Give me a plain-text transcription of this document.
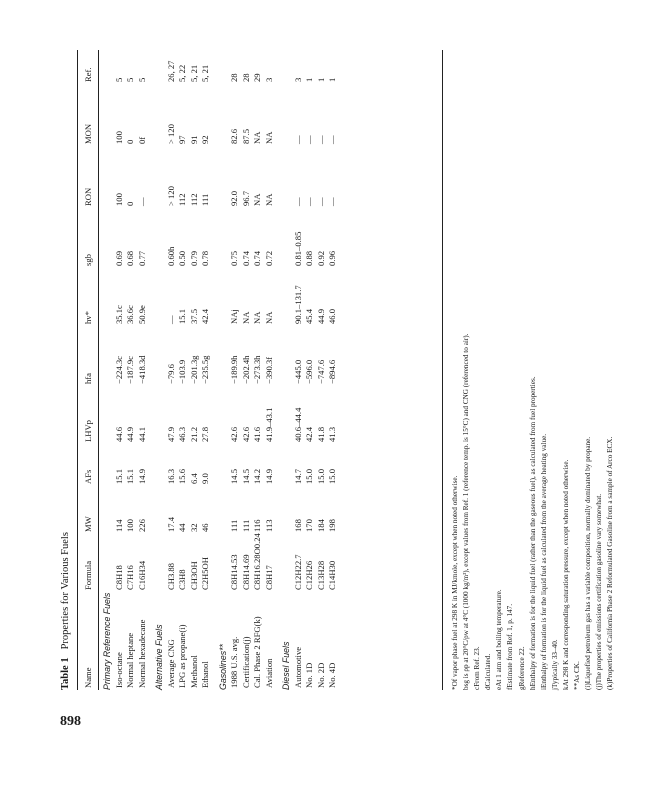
898
Table 1Properties for Various Fuels
Name
Formula
MW
AFs
LHVp
hfa
hv*
sgb
RON
MON
Ref.
Primary Reference Fuels Iso-octane
C8H18
114
15.1
44.6
−224.3c
35.1c
0.69
100
100
5
Normal heptane
C7H16
100
15.1
44.9
−187.9c
36.6c
0.68
0
0
5
Normal hexadecane
C16H34
226
14.9
44.1
−418.3d
50.9e
0.77
—
0f
5
Alternative Fuels Average CNG
CH3.88
17.4
16.3
47.9
−79.6
—
0.60h
> 120
> 120
26, 27
LPG as propane(i)
C3H8
44
15.6
46.3
−103.9
15.1
0.50
112
97
5, 22
Methanol
CH3OH
32
6.4
21.2
−201.3g
37.5
0.79
112
91
5, 21
Ethanol
C2H5OH
46
9.0
27.8
−235.5g
42.4
0.78
111
92
5, 21
Gasolines** 1988 U.S. avg.
C8H14.53
111
14.5
42.6
−189.9h
NAj
0.75
92.0
82.6
28
Certification(j)
C8H14.69
111
14.5
42.6
−202.4h
NA
0.74
96.7
87.5
28
Cal. Phase 2 RFG(k)
C8H16.28O0.24
116
14.2
41.6
−273.3h
NA
0.74
NA
NA
29
Aviation
C8H17
113
14.9
41.9–43.1
−390.3f
NA
0.72
NA
NA
3
Diesel Fuels Automotive
C12H22.7
168
14.7
40.6–44.4
−445.0
90.1–131.7
0.81–0.85
—
—
3
No. 1D
C12H26
170
15.0
42.4
−596.0
45.4
0.88
—
—
1
No. 2D
C13H28
184
15.0
41.8
−747.6
44.9
0.92
—
—
1
No. 4D
C14H30
198
15.0
41.3
−894.6
46.0
0.96
—
—
1
*Of vapor phase fuel at 298 K in MJ/kmole, except when noted otherwise. bsg is ρp at 20°C/ρw at 4°C (1000 kg/m³), except values from Ref. 1 (reference temp. is 15°C) and CNG (referenced to air). cFrom Ref. 23. dCalculated. eAt 1 atm and boiling temperature. fEstimate from Ref. 1, p. 147. gReference 22. hEnthalpy of formation is for the liquid fuel (rather than the gaseous fuel), as calculated from fuel properties. iEnthalpy of formation is for the liquid fuel as calculated from the average heating value. jTypically 33–40. kAt 298 K and corresponding saturation pressure, except when noted otherwise. **As CK. (i)Liquefied petroleum gas has a variable composition, normally dominated by propane. (j)The properties of emissions certification gasoline vary somewhat. (k)Properties of California Phase 2 Reformulated Gasoline from a sample of Arco ECX.
